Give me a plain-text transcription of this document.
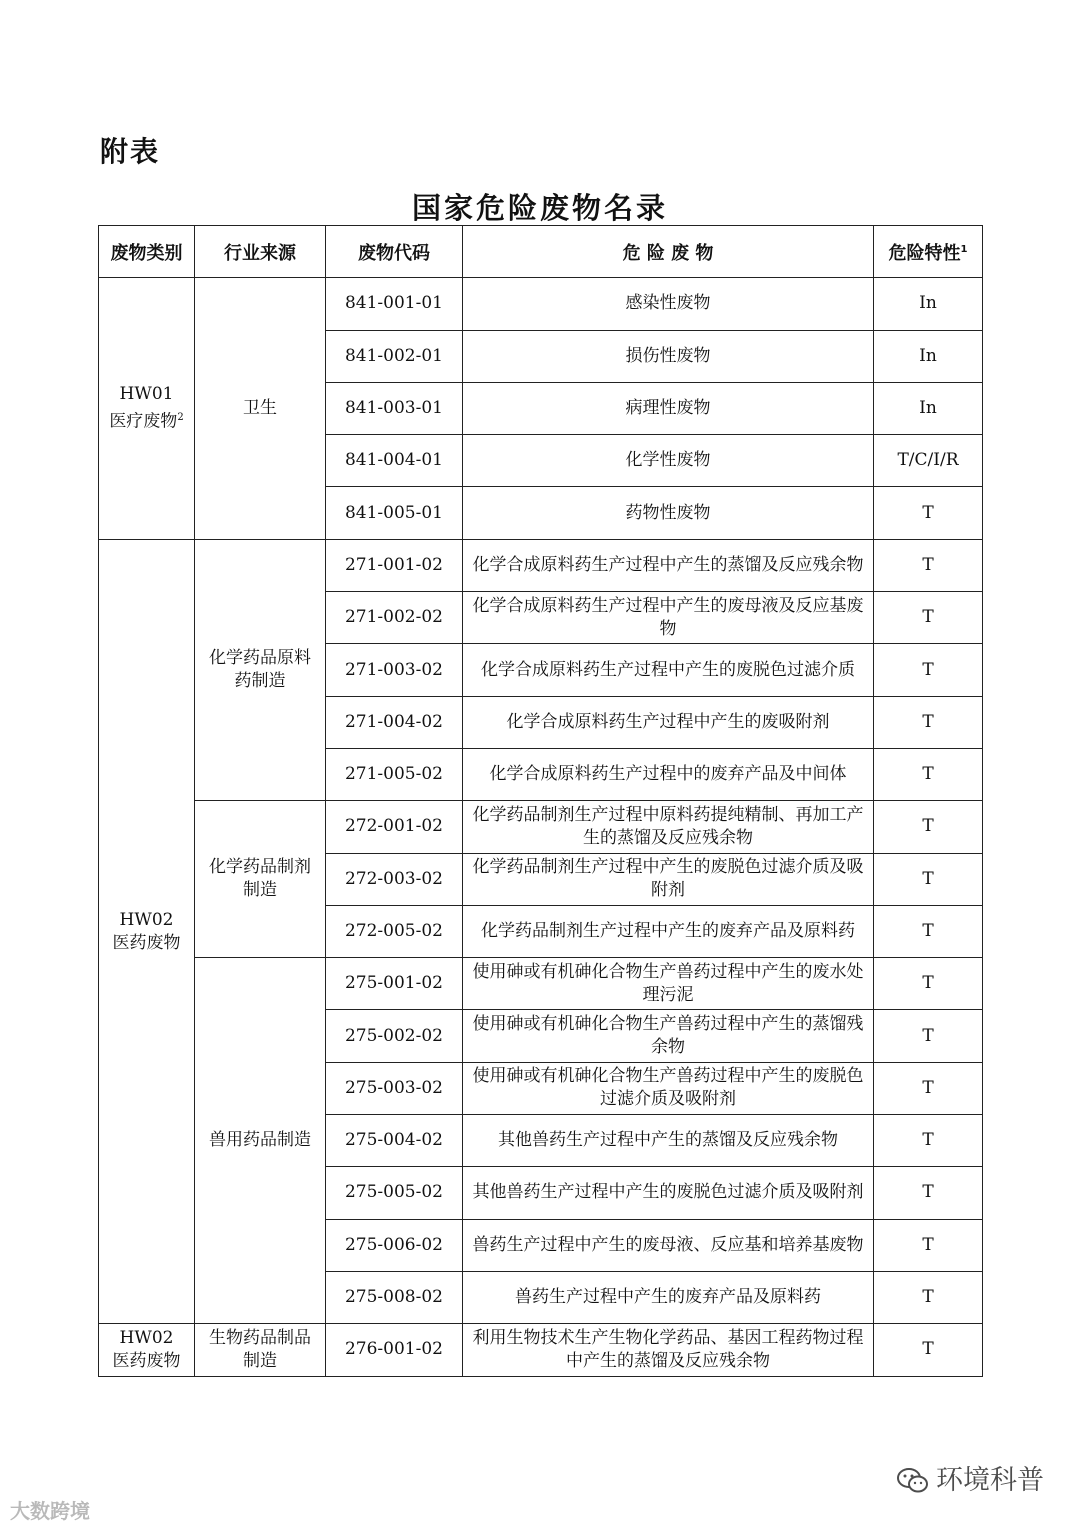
附表
国家危险废物名录
废物类别	行业来源	废物代码	危 险 废 物	危险特性$^1$

HW01
医疗废物$^2$	卫生	841-001-01	感染性废物	In
		841-002-01	损伤性废物	In
		841-003-01	病理性废物	In
		841-004-01	化学性废物	T/C/I/R
		841-005-01	药物性废物	T

HW02
医药废物	化学药品原料药制造	271-001-02	化学合成原料药生产过程中产生的蒸馏及反应残余物	T
		271-002-02	化学合成原料药生产过程中产生的废母液及反应基废物	T
		271-003-02	化学合成原料药生产过程中产生的废脱色过滤介质	T
		271-004-02	化学合成原料药生产过程中产生的废吸附剂	T
		271-005-02	化学合成原料药生产过程中的废弃产品及中间体	T
	化学药品制剂制造	272-001-02	化学药品制剂生产过程中原料药提纯精制、再加工产生的蒸馏及反应残余物	T
		272-003-02	化学药品制剂生产过程中产生的废脱色过滤介质及吸附剂	T
		272-005-02	化学药品制剂生产过程中产生的废弃产品及原料药	T
	兽用药品制造	275-001-02	使用砷或有机砷化合物生产兽药过程中产生的废水处理污泥	T
		275-002-02	使用砷或有机砷化合物生产兽药过程中产生的蒸馏残余物	T
		275-003-02	使用砷或有机砷化合物生产兽药过程中产生的废脱色过滤介质及吸附剂	T
		275-004-02	其他兽药生产过程中产生的蒸馏及反应残余物	T
		275-005-02	其他兽药生产过程中产生的废脱色过滤介质及吸附剂	T
		275-006-02	兽药生产过程中产生的废母液、反应基和培养基废物	T
		275-008-02	兽药生产过程中产生的废弃产品及原料药	T

HW02
医药废物	生物药品制品制造	276-001-02	利用生物技术生产生物化学药品、基因工程药物过程中产生的蒸馏及反应残余物	T
大数跨境
环境科普
